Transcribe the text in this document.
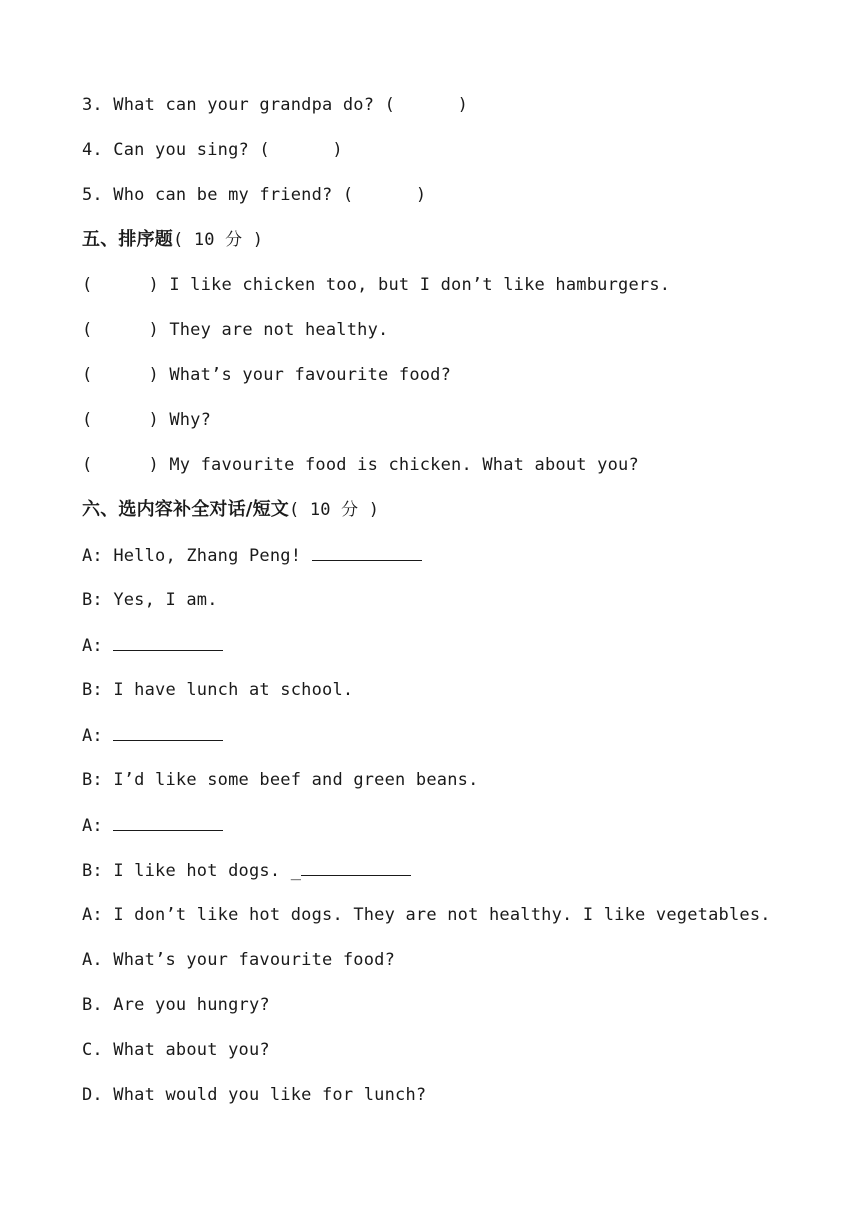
3. What can your grandpa do? (      )
4. Can you sing? (      )
5. Who can be my friend? (      )
五、排序题( 10 分 )
(	) I like chicken too, but I don’t like hamburgers.
(	) They are not healthy.
(	) What’s your favourite food?
(	) Why?
(	) My favourite food is chicken. What about you?
六、选内容补全对话/短文( 10 分 )
A: Hello, Zhang Peng!
B: Yes, I am.
A:
B: I have lunch at school.
A:
B: I’d like some beef and green beans.
A:
B: I like hot dogs. _
A: I don’t like hot dogs. They are not healthy. I like vegetables.
A. What’s your favourite food?
B. Are you hungry?
C. What about you?
D. What would you like for lunch?
